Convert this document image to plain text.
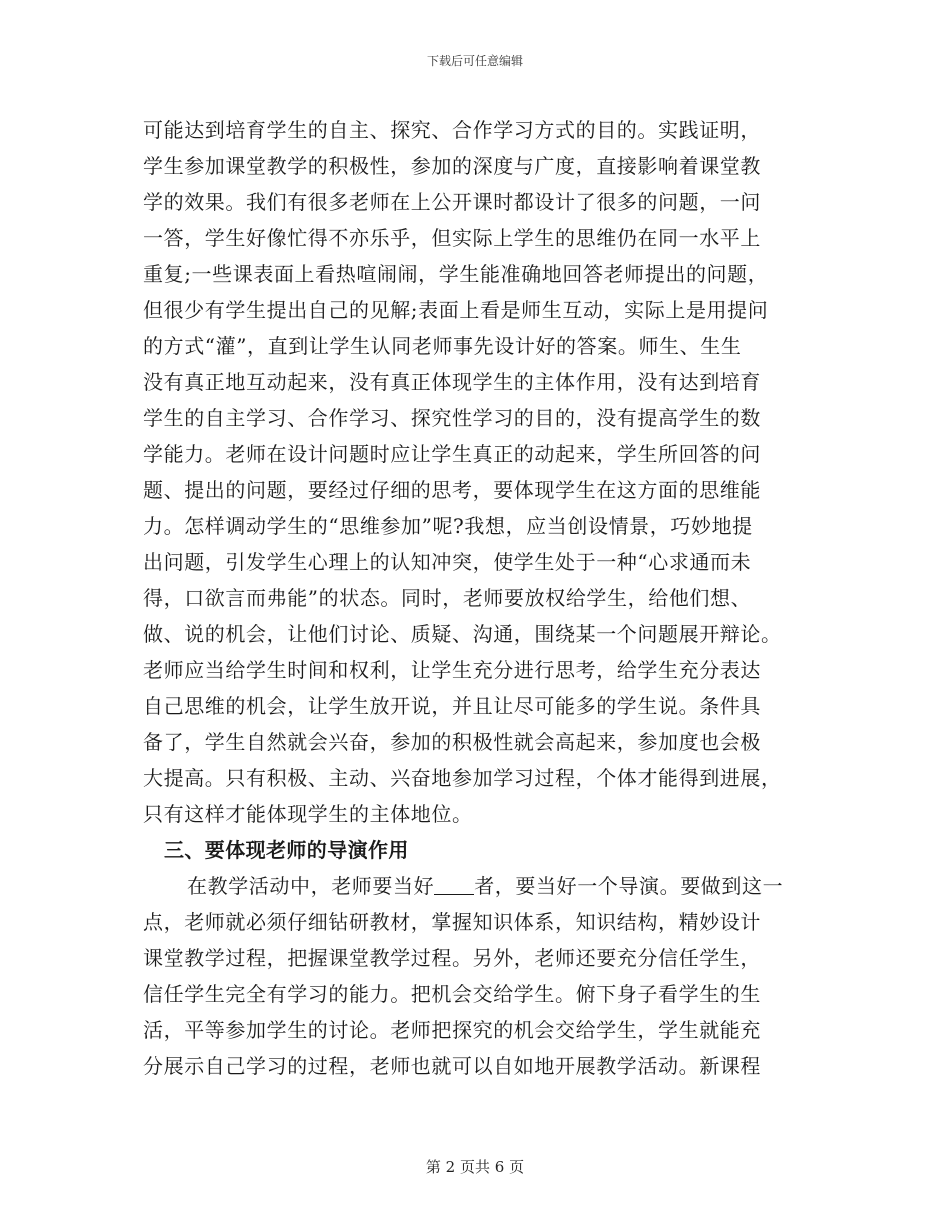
下载后可任意编辑
可能达到培育学生的自主、探究、合作学习方式的目的。实践证明，
学生参加课堂教学的积极性，参加的深度与广度，直接影响着课堂教
学的效果。我们有很多老师在上公开课时都设计了很多的问题，一问
一答，学生好像忙得不亦乐乎，但实际上学生的思维仍在同一水平上
重复;一些课表面上看热喧闹闹，学生能准确地回答老师提出的问题，
但很少有学生提出自己的见解;表面上看是师生互动，实际上是用提问
的方式“灌”，直到让学生认同老师事先设计好的答案。师生、生生
没有真正地互动起来，没有真正体现学生的主体作用，没有达到培育
学生的自主学习、合作学习、探究性学习的目的，没有提高学生的数
学能力。老师在设计问题时应让学生真正的动起来，学生所回答的问
题、提出的问题，要经过仔细的思考，要体现学生在这方面的思维能
力。怎样调动学生的“思维参加”呢?我想，应当创设情景，巧妙地提
出问题，引发学生心理上的认知冲突，使学生处于一种“心求通而未
得，口欲言而弗能”的状态。同时，老师要放权给学生，给他们想、
做、说的机会，让他们讨论、质疑、沟通，围绕某一个问题展开辩论。
老师应当给学生时间和权利，让学生充分进行思考，给学生充分表达
自己思维的机会，让学生放开说，并且让尽可能多的学生说。条件具
备了，学生自然就会兴奋，参加的积极性就会高起来，参加度也会极
大提高。只有积极、主动、兴奋地参加学习过程，个体才能得到进展，
只有这样才能体现学生的主体地位。
三、要体现老师的导演作用
在教学活动中，老师要当好 者，要当好一个导演。要做到这一
点，老师就必须仔细钻研教材，掌握知识体系，知识结构，精妙设计
课堂教学过程，把握课堂教学过程。另外，老师还要充分信任学生，
信任学生完全有学习的能力。把机会交给学生。俯下身子看学生的生
活，平等参加学生的讨论。老师把探究的机会交给学生，学生就能充
分展示自己学习的过程，老师也就可以自如地开展教学活动。新课程
第 2 页共 6 页
